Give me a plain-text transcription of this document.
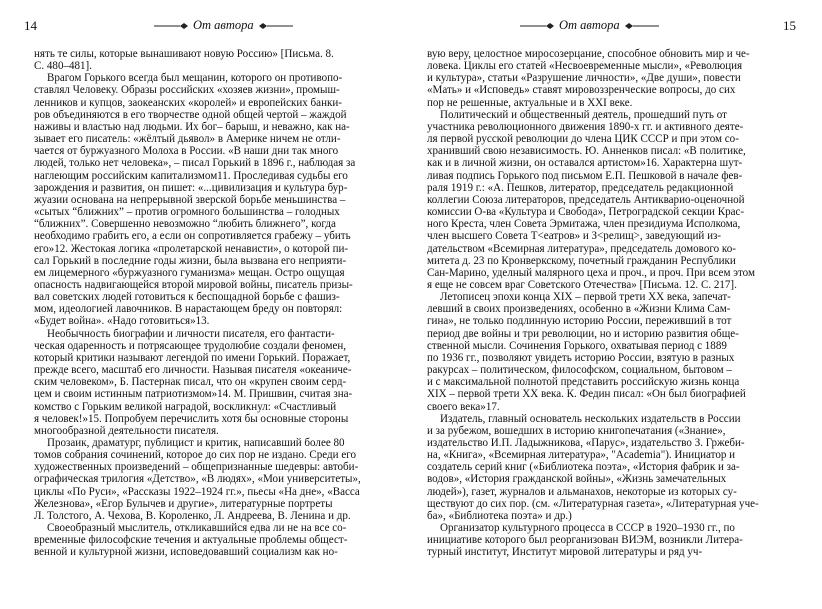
14	От автора

нять те силы, которые вынашивают новую Россию» [Письма. 8.
С. 480–481].

Врагом Горького всегда был мещанин, которого он противопо-
ставлял Человеку. Образы российских «хозяев жизни», промыш-
ленников и купцов, заокеанских «королей» и европейских банки-
ров объединяются в его творчестве одной общей чертой – жаждой
наживы и властью над людьми. Их бог– барыш, и неважно, как на-
зывает его писатель: «жёлтый дьявол» в Америке ничем не отли-
чается от буржуазного Молоха в России. «В наши дни так много
людей, только нет человека», – писал Горький в 1896 г., наблюдая за
наглеющим российским капитализмом11. Проследивая судьбы его
зарождения и развития, он пишет: «...цивилизация и культура бур-
жуазии основана на непрерывной зверской борьбе меньшинства –
«сытых “ближних” – против огромного большинства – голодных
“ближних”. Совершенно невозможно “любить ближнего”, когда
необходимо грабить его, а если он сопротивляется грабежу – убить
его»12. Жестокая логика «пролетарской ненависти», о которой пи-
сал Горький в последние годы жизни, была вызвана его неприяти-
ем лицемерного «буржуазного гуманизма» мещан. Остро ощущая
опасность надвигающейся второй мировой войны, писатель призы-
вал советских людей готовиться к беспощадной борьбе с фашиз-
мом, идеологией лавочников. В нарастающем бреду он повторял:
«Будет война». «Надо готовиться»13.

Необычность биографии и личности писателя, его фантасти-
ческая одаренность и потрясающее трудолюбие создали феномен,
который критики называют легендой по имени Горький. Поражает,
прежде всего, масштаб его личности. Называя писателя «океаниче-
ским человеком», Б. Пастернак писал, что он «крупен своим серд-
цем и своим истинным патриотизмом»14. М. Пришвин, считая зна-
комство с Горьким великой наградой, воскликнул: «Счастливый
я человек!»15. Попробуем перечислить хотя бы основные стороны
многообразной деятельности писателя.

Прозаик, драматург, публицист и критик, написавший более 80
томов собрания сочинений, которое до сих пор не издано. Среди его
художественных произведений – общепризнанные шедевры: автоби-
ографическая трилогия «Детство», «В людях», «Мои университеты»,
циклы «По Руси», «Рассказы 1922–1924 гг.», пьесы «На дне», «Васса
Железнова», «Егор Булычев и другие», литературные портреты
Л. Толстого, А. Чехова, В. Короленко, Л. Андреева, В. Ленина и др.

Своеобразный мыслитель, откликавшийся едва ли не на все со-
временные философские течения и актуальные проблемы общест-
венной и культурной жизни, исповедовавший социализм как но-

От автора	15

вую веру, целостное миросозерцание, способное обновить мир и че-
ловека. Циклы его статей «Несвоевременные мысли», «Революция
и культура», статьи «Разрушение личности», «Две души», повести
«Мать» и «Исповедь» ставят мировоззренческие вопросы, до сих
пор не решенные, актуальные и в XXI веке.

Политический и общественный деятель, прошедший путь от
участника революционного движения 1890-х гг. и активного деяте-
ля первой русской революции до члена ЦИК СССР и при этом со-
хранивший свою независимость. Ю. Анненков писал: «В политике,
как и в личной жизни, он оставался артистом»16. Характерна шут-
ливая подпись Горького под письмом Е.П. Пешковой в начале фев-
раля 1919 г.: «А. Пешков, литератор, председатель редакционной
коллегии Союза литераторов, председатель Антиквариo-оценочной
комиссии О-ва «Культура и Свобода», Петроградской секции Крас-
ного Креста, член Совета Эрмитажа, член президиума Исполкома,
член высшего Совета Т<еатров» и З<релищ>, заведующий из-
дательством «Всемирная литература», председатель домового ко-
митета д. 23 по Кронверкскому, почетный гражданин Республики
Сан-Марино, уделный маляpного цеха и проч., и проч. При всем этом
я еще не совсем враг Советского Отечества» [Письма. 12. С. 217].

Летописец эпохи конца XIX – первой трети XX века, запечат-
левший в своих произведениях, особенно в «Жизни Клима Сам-
гина», не только подлинную историю России, переживший в тот
период две войны и три революции, но и историю развития обще-
ственной мысли. Сочинения Горького, охватывая период с 1889
по 1936 гг., позволяют увидеть историю России, взятую в разных
ракурсах – политическом, философском, социальном, бытовом –
и с максимальной полнотой представить российскую жизнь конца
XIX – первой трети XX века. К. Федин писал: «Он был биографией
своего века»17.

Издатель, главный основатель нескольких издательств в России
и за рубежом, вошедших в историю книгопечатания («Знание»,
издательство И.П. Ладыжникова, «Парус», издательство З. Гржеби-
на, «Книга», «Всемирная литература», "Academia"). Инициатор и
создатель серий книг («Библиотека поэта», «История фабрик и за-
водов», «История гражданской войны», «Жизнь замечательных
людей»), газет, журналов и альманахов, некоторые из которых су-
ществуют до сих пор. (см. «Литературная газета», «Литературная уче-
ба», «Библиотека поэта» и др.)

Организатор культурного процесса в СССР в 1920–1930 гг., по
инициативе которого был реорганизован ВИЭМ, возникли Литера-
турный институт, Институт мировой литературы и ряд уч-
